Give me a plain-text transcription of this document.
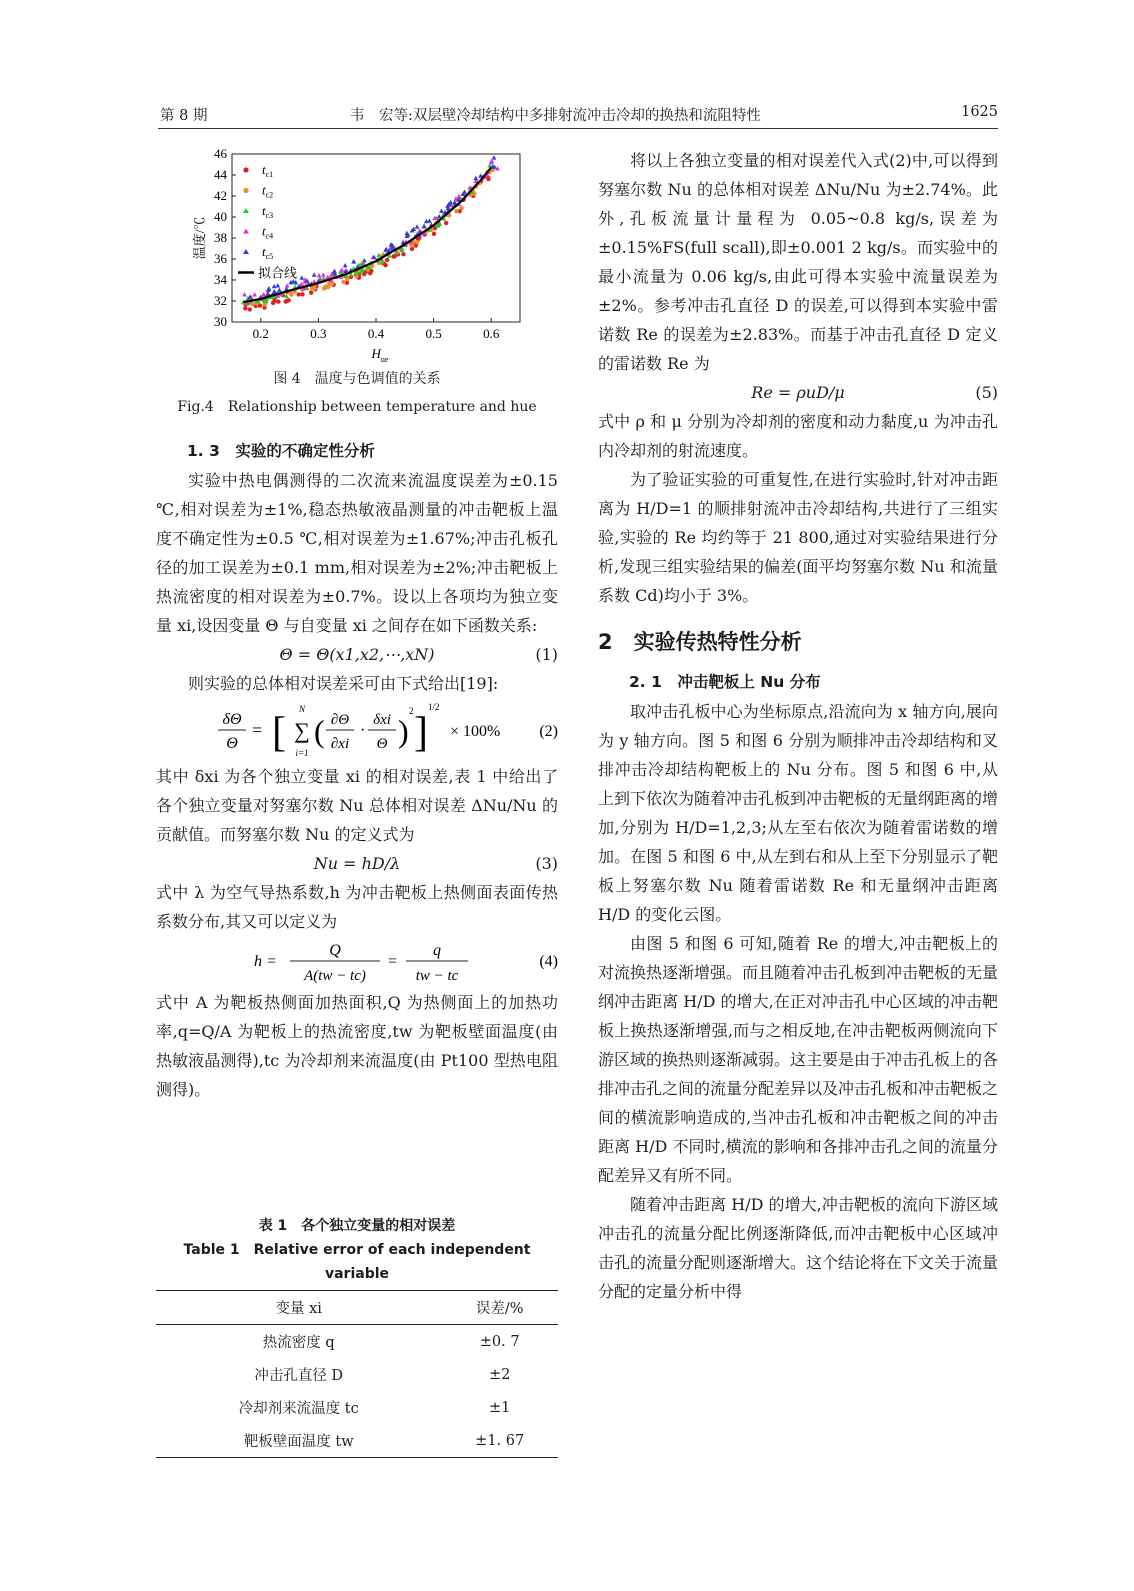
第 8 期	韦　宏等:双层壁冷却结构中多排射流冲击冷却的换热和流阻特性	1625
30
32
34
36
38
40
42
44
46
0.2	0.3	0.4	0.5	0.6
$t_{c1}$
$t_{c2}$
$t_{c3}$
$t_{c4}$
$t_{c5}$
拟合线
温度/℃
$H_{ue}$
图 4　温度与色调值的关系
Fig.4　Relationship between temperature and hue

1. 3　实验的不确定性分析

实验中热电偶测得的二次流来流温度误差为±0.15 ℃,相对误差为±1%,稳态热敏液晶测量的冲击靶板上温度不确定性为±0.5 ℃,相对误差为±1.67%;冲击孔板孔径的加工误差为±0.1 mm,相对误差为±2%;冲击靶板上热流密度的相对误差为±0.7%。设以上各项均为独立变量 xi,设因变量 Θ 与自变量 xi 之间存在如下函数关系:

Θ = Θ(x1,x2,⋯,xN)	(1)

则实验的总体相对误差采可由下式给出[19]:

δΘ
Θ
= [
N
∑
i=1
( ∂Θ
∂xi
·
δxi
Θ )
2 ]
1/2
× 100% (2)

其中 δxi 为各个独立变量 xi 的相对误差,表 1 中给出了各个独立变量对努塞尔数 Nu 总体相对误差 ΔNu/Nu 的贡献值。而努塞尔数 Nu 的定义式为

Nu = hD/λ	(3)

式中 λ 为空气导热系数,h 为冲击靶板上热侧面表面传热系数分布,其又可以定义为

h =
Q
A(tw − tc)
=
q
tw − tc
(4)

式中 A 为靶板热侧面加热面积,Q 为热侧面上的加热功率,q=Q/A 为靶板上的热流密度,tw 为靶板壁面温度(由热敏液晶测得),tc 为冷却剂来流温度(由 Pt100 型热电阻测得)。

表 1　各个独立变量的相对误差
Table 1　Relative error of each independent variable
变量 xi	误差/%
热流密度 q	±0. 7
冲击孔直径 D	±2
冷却剂来流温度 tc	±1
靶板壁面温度 tw	±1. 67

将以上各独立变量的相对误差代入式(2)中,可以得到努塞尔数 Nu 的总体相对误差 ΔNu/Nu 为±2.74%。此外,孔板流量计量程为 0.05~0.8 kg/s,误差为±0.15%FS(full scall),即±0.001 2 kg/s。而实验中的最小流量为 0.06 kg/s,由此可得本实验中流量误差为±2%。参考冲击孔直径 D 的误差,可以得到本实验中雷诺数 Re 的误差为±2.83%。而基于冲击孔直径 D 定义的雷诺数 Re 为

Re = ρuD/μ	(5)

式中 ρ 和 μ 分别为冷却剂的密度和动力黏度,u 为冲击孔内冷却剂的射流速度。

为了验证实验的可重复性,在进行实验时,针对冲击距离为 H/D=1 的顺排射流冲击冷却结构,共进行了三组实验,实验的 Re 均约等于 21 800,通过对实验结果进行分析,发现三组实验结果的偏差(面平均努塞尔数 Nu 和流量系数 Cd)均小于 3%。

2　实验传热特性分析

2. 1　冲击靶板上 Nu 分布

取冲击孔板中心为坐标原点,沿流向为 x 轴方向,展向为 y 轴方向。图 5 和图 6 分别为顺排冲击冷却结构和叉排冲击冷却结构靶板上的 Nu 分布。图 5 和图 6 中,从上到下依次为随着冲击孔板到冲击靶板的无量纲距离的增加,分别为 H/D=1,2,3;从左至右依次为随着雷诺数的增加。在图 5 和图 6 中,从左到右和从上至下分别显示了靶板上努塞尔数 Nu 随着雷诺数 Re 和无量纲冲击距离 H/D 的变化云图。

由图 5 和图 6 可知,随着 Re 的增大,冲击靶板上的对流换热逐渐增强。而且随着冲击孔板到冲击靶板的无量纲冲击距离 H/D 的增大,在正对冲击孔中心区域的冲击靶板上换热逐渐增强,而与之相反地,在冲击靶板两侧流向下游区域的换热则逐渐减弱。这主要是由于冲击孔板上的各排冲击孔之间的流量分配差异以及冲击孔板和冲击靶板之间的横流影响造成的,当冲击孔板和冲击靶板之间的冲击距离 H/D 不同时,横流的影响和各排冲击孔之间的流量分配差异又有所不同。

随着冲击距离 H/D 的增大,冲击靶板的流向下游区域冲击孔的流量分配比例逐渐降低,而冲击靶板中心区域冲击孔的流量分配则逐渐增大。这个结论将在下文关于流量分配的定量分析中得
